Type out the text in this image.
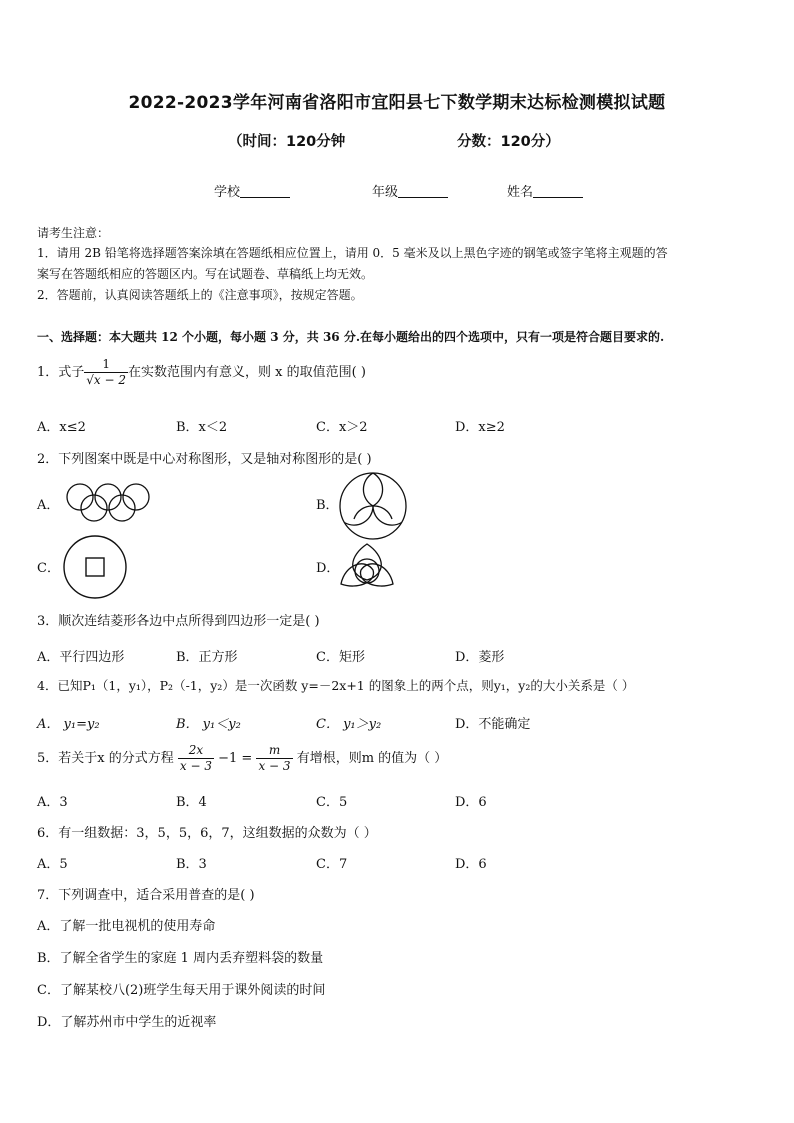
2022-2023学年河南省洛阳市宜阳县七下数学期末达标检测模拟试题
（时间：120分钟	分数：120分）
学校	年级	姓名
请考生注意：
1．请用 2B 铅笔将选择题答案涂填在答题纸相应位置上，请用 0．5 毫米及以上黑色字迹的钢笔或签字笔将主观题的答
案写在答题纸相应的答题区内。写在试题卷、草稿纸上均无效。
2．答题前，认真阅读答题纸上的《注意事项》，按规定答题。
一、选择题：本大题共 12 个小题，每小题 3 分，共 36 分.在每小题给出的四个选项中，只有一项是符合题目要求的.
1．式子 $\frac{1}{√x - 2}$ 在实数范围内有意义，则 x 的取值范围( )
A．x≤2	B．x＜2	C．x＞2	D．x≥2
2．下列图案中既是中心对称图形，又是轴对称图形的是( )
A．	B．
C．	D．
3．顺次连结菱形各边中点所得到四边形一定是( )
A．平行四边形	B．正方形	C．矩形	D．菱形
4．已知P₁（1，y₁），P₂（-1，y₂）是一次函数 y=－2x+1 的图象上的两个点，则y₁，y₂的大小关系是（ ）
A． y₁=y₂	B． y₁＜y₂	C． y₁＞y₂	D．不能确定
5．若关于x 的分式方程 $\frac{2x}{x - 3} -1 = \frac{m}{x - 3}$ 有增根，则m 的值为（ ）
A．3	B．4	C．5	D．6
6．有一组数据：3，5，5，6，7，这组数据的众数为（ ）
A．5	B．3	C．7	D．6
7．下列调查中，适合采用普查的是( )
A．了解一批电视机的使用寿命
B．了解全省学生的家庭 1 周内丢弃塑料袋的数量
C．了解某校八(2)班学生每天用于课外阅读的时间
D．了解苏州市中学生的近视率
